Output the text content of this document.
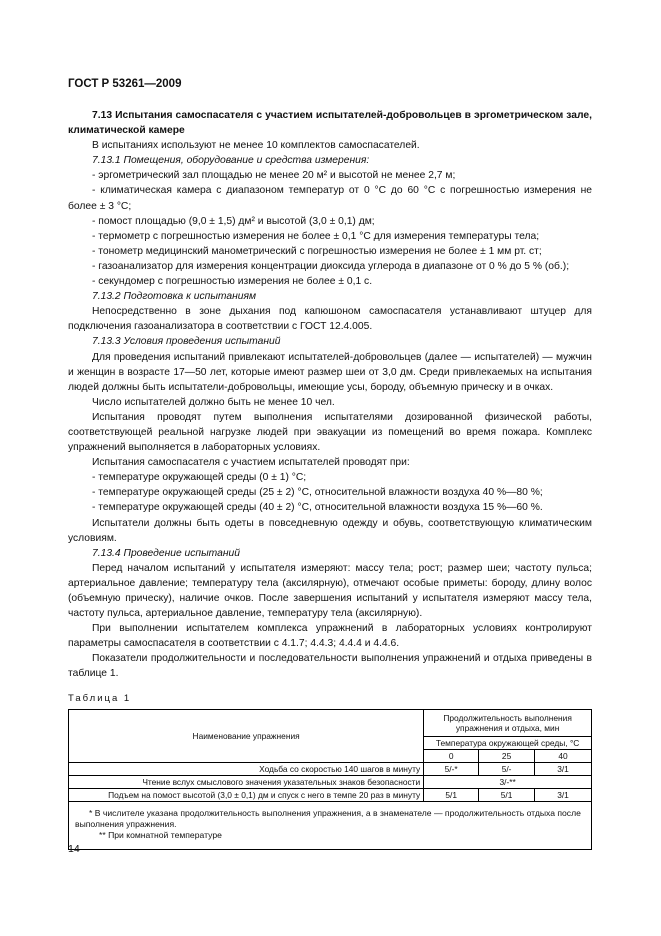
ГОСТ Р 53261—2009

7.13 Испытания самоспасателя с участием испытателей-добровольцев в эргометрическом зале, климатической камере

В испытаниях используют не менее 10 комплектов самоспасателей.

7.13.1 Помещения, оборудование и средства измерения:

- эргометрический зал площадью не менее 20 м² и высотой не менее 2,7 м;

- климатическая камера с диапазоном температур от 0 °С до 60 °С с погрешностью измерения не более ± 3 °С;

- помост площадью (9,0 ± 1,5) дм² и высотой (3,0 ± 0,1) дм;

- термометр с погрешностью измерения не более ± 0,1 °С для измерения температуры тела;

- тонометр медицинский манометрический с погрешностью измерения не более ± 1 мм рт. ст;

- газоанализатор для измерения концентрации диоксида углерода в диапазоне от 0 % до 5 % (об.);

- секундомер с погрешностью измерения не более ± 0,1 с.

7.13.2 Подготовка к испытаниям

Непосредственно в зоне дыхания под капюшоном самоспасателя устанавливают штуцер для подключения газоанализатора в соответствии с ГОСТ 12.4.005.

7.13.3 Условия проведения испытаний

Для проведения испытаний привлекают испытателей-добровольцев (далее — испытателей) — мужчин и женщин в возрасте 17—50 лет, которые имеют размер шеи от 3,0 дм. Среди привлекаемых на испытания людей должны быть испытатели-добровольцы, имеющие усы, бороду, объемную прическу и в очках.

Число испытателей должно быть не менее 10 чел.

Испытания проводят путем выполнения испытателями дозированной физической работы, соответствующей реальной нагрузке людей при эвакуации из помещений во время пожара. Комплекс упражнений выполняется в лабораторных условиях.

Испытания самоспасателя с участием испытателей проводят при:

- температуре окружающей среды (0 ± 1) °С;

- температуре окружающей среды (25 ± 2) °С, относительной влажности воздуха 40 %—80 %;

- температуре окружающей среды (40 ± 2) °С, относительной влажности воздуха 15 %—60 %.

Испытатели должны быть одеты в повседневную одежду и обувь, соответствующую климатическим условиям.

7.13.4 Проведение испытаний

Перед началом испытаний у испытателя измеряют: массу тела; рост; размер шеи; частоту пульса; артериальное давление; температуру тела (аксилярную), отмечают особые приметы: бороду, длину волос (объемную прическу), наличие очков. После завершения испытаний у испытателя измеряют массу тела, частоту пульса, артериальное давление, температуру тела (аксилярную).

При выполнении испытателем комплекса упражнений в лабораторных условиях контролируют параметры самоспасателя в соответствии с 4.1.7; 4.4.3; 4.4.4 и 4.4.6.

Показатели продолжительности и последовательности выполнения упражнений и отдыха приведены в таблице 1.

Таблица 1
Наименование упражнения	Продолжительность выполнения упражнения и отдыха, мин		
	Температура окружающей среды, °С		
	0	25	40
Ходьба со скоростью 140 шагов в минуту	5/-*	5/-	3/1
Чтение вслух смыслового значения указательных знаков безопасности	3/-**		
Подъем на помост высотой (3,0 ± 0,1) дм и спуск с него в темпе 20 раз в минуту	5/1	5/1	3/1

* В числителе указана продолжительность выполнения упражнения, а в знаменателе — продолжительность отдыха после выполнения упражнения.
** При комнатной температуре			
14
